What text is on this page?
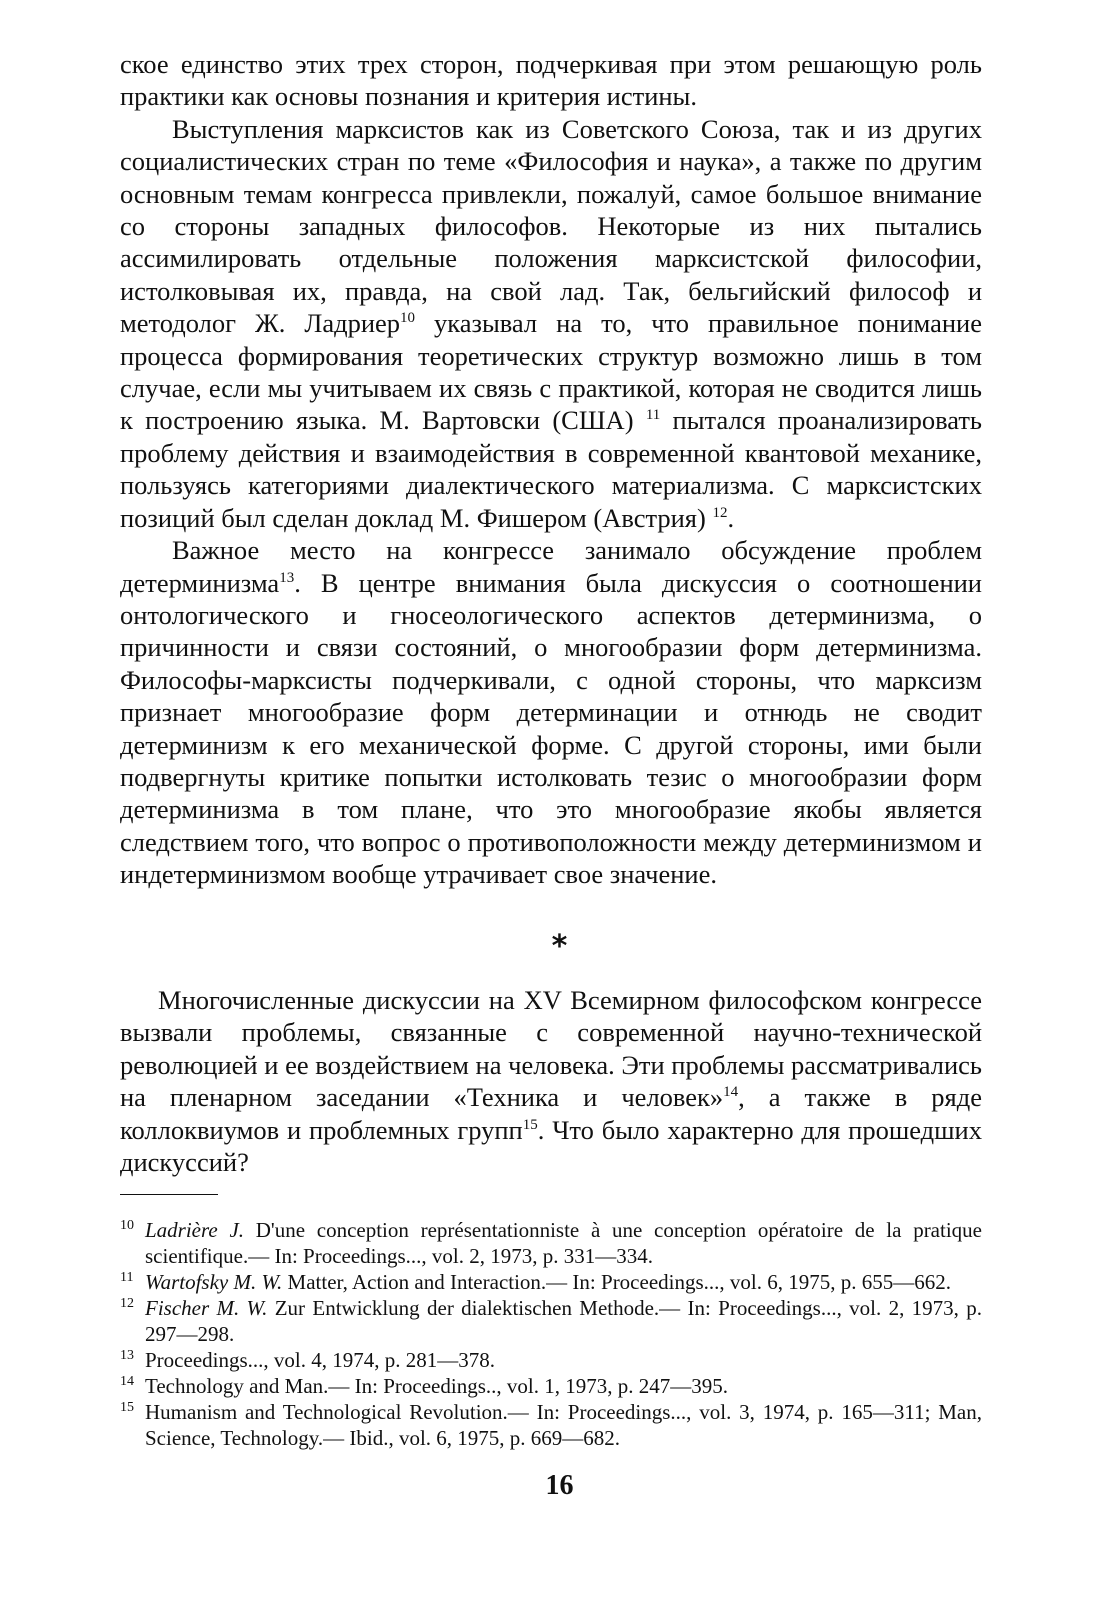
ское единство этих трех сторон, подчеркивая при этом решающую роль практики как основы познания и критерия истины.

Выступления марксистов как из Советского Союза, так и из других социалистических стран по теме «Философия и наука», а также по другим основным темам конгресса привлекли, пожалуй, самое большое внимание со стороны западных философов. Некоторые из них пытались ассимилировать отдельные положения марксистской философии, истолковывая их, правда, на свой лад. Так, бельгийский философ и методолог Ж. Ладриер$^{10}$ указывал на то, что правильное понимание процесса формирования теоретических структур возможно лишь в том случае, если мы учитываем их связь с практикой, которая не сводится лишь к построению языка. М. Вартовски (США) $^{11}$ пытался проанализировать проблему действия и взаимодействия в современной квантовой механике, пользуясь категориями диалектического материализма. С марксистских позиций был сделан доклад М. Фишером (Австрия) $^{12}$.

Важное место на конгрессе занимало обсуждение проблем детерминизма$^{13}$. В центре внимания была дискуссия о соотношении онтологического и гносеологического аспектов детерминизма, о причинности и связи состояний, о многообразии форм детерминизма. Философы-марксисты подчеркивали, с одной стороны, что марксизм признает многообразие форм детерминации и отнюдь не сводит детерминизм к его механической форме. С другой стороны, ими были подвергнуты критике попытки истолковать тезис о многообразии форм детерминизма в том плане, что это многообразие якобы является следствием того, что вопрос о противоположности между детерминизмом и индетерминизмом вообще утрачивает свое значение.

*

Многочисленные дискуссии на XV Всемирном философском конгрессе вызвали проблемы, связанные с современной научно-технической революцией и ее воздействием на человека. Эти проблемы рассматривались на пленарном заседании «Техника и человек»$^{14}$, а также в ряде коллоквиумов и проблемных групп$^{15}$. Что было характерно для прошедших дискуссий?

10 Ladrière J. D'une conception représentationniste à une conception opératoire de la pratique scientifique.— In: Proceedings..., vol. 2, 1973, p. 331—334.
11 Wartofsky M. W. Matter, Action and Interaction.— In: Proceedings..., vol. 6, 1975, p. 655—662.
12 Fischer M. W. Zur Entwicklung der dialektischen Methode.— In: Proceedings..., vol. 2, 1973, p. 297—298.
13 Proceedings..., vol. 4, 1974, p. 281—378.
14 Technology and Man.— In: Proceedings.., vol. 1, 1973, p. 247—395.
15 Humanism and Technological Revolution.— In: Proceedings..., vol. 3, 1974, p. 165—311; Man, Science, Technology.— Ibid., vol. 6, 1975, p. 669—682.
16
